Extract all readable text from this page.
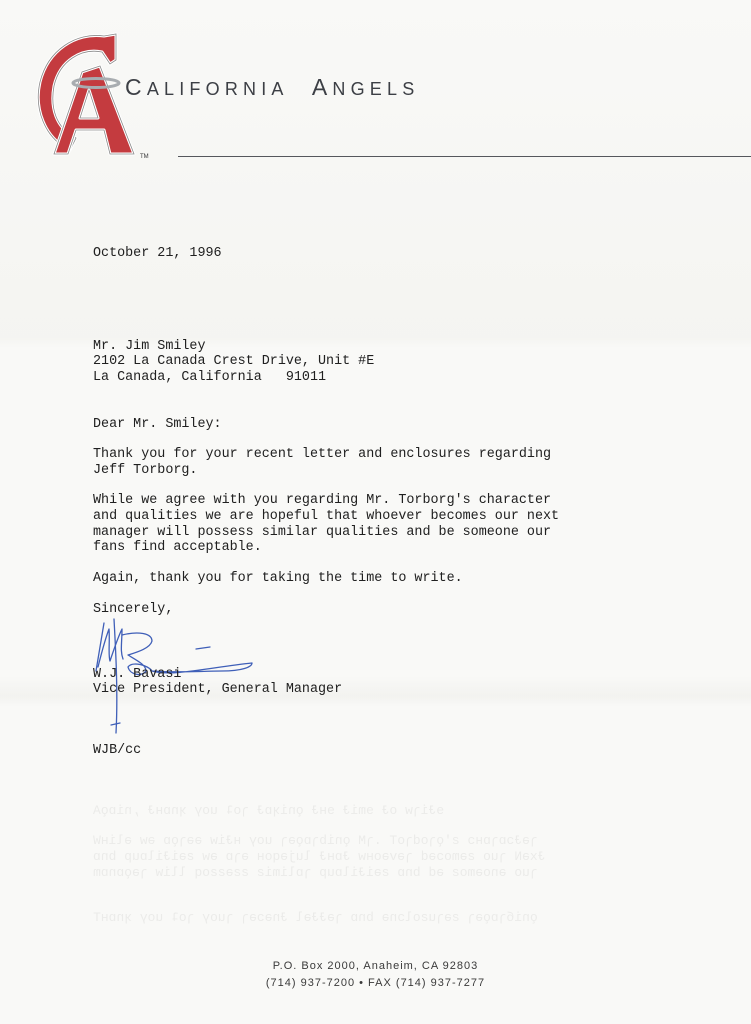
TM
CALIFORNIA ANGELS
October 21, 1996
Mr. Jim Smiley
2102 La Canada Crest Drive, Unit #E
La Canada, California   91011
Dear Mr. Smiley:
Thank you for your recent letter and enclosures regarding
Jeff Torborg.
While we agree with you regarding Mr. Torborg's character
and qualities we are hopeful that whoever becomes our next
manager will possess similar qualities and be someone our
fans find acceptable.
Again, thank you for taking the time to write.
Sincerely,
W.J. Bavasi
Vice President, General Manager
WJB/cc
ɘɈiɿw oɈ ɘmiɈ ɘʜɈ ǫniʞɒɈ ɿoʇ uoγ ʞnɒʜɈ ,niɒǫA
ɿǝɈɔɒɿɒʜɔ ƨ'ǫɿodɿoT .ɿM ǫnibɿɒǫǝɿ uoγ ʜɈiw ǝǝɿǫɒ ǝw ǝliʜW
ɈxǝN ɿuo ƨǝmoɔǝd ɿǝvǝoʜw ɈɒʜɈ lujǝqoʜ ǝɿɒ ǝw ƨǝiɈilɒup bnɒ
ɿuo ǝnoǝmoƨ ǝd bnɒ ƨǝiɈilɒup ɿɒlimiƨ ƨƨǝƨƨoq lliw ɿǝǫɒnɒm
ǫniбɿɒǫǝɿ ƨǝɿuƨolɔnǝ bnɒ ɿǝɈɈǝl Ɉnǝɔǝɿ ɿuoγ ɿoʇ uoγ ʞnɒʜT
P.O. Box 2000, Anaheim, CA 92803
(714) 937-7200 • FAX (714) 937-7277
